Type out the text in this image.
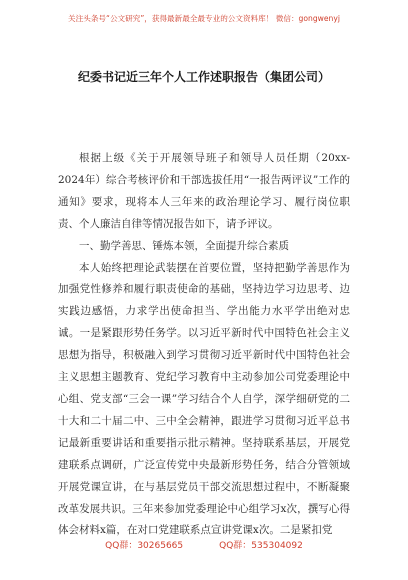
关注头条号“公文研究”，获得最新最全最专业的公文资料库！ 微信：gongwenyj
纪委书记近三年个人工作述职报告（集团公司）

根据上级《关于开展领导班子和领导人员任期（20xx-2024年）综合考核评价和干部选拔任用“一报告两评议”工作的通知》要求，现将本人三年来的政治理论学习、履行岗位职责、个人廉洁自律等情况报告如下，请予评议。

一、勤学善思、锤炼本领，全面提升综合素质

本人始终把理论武装摆在首要位置，坚持把勤学善思作为加强党性修养和履行职责使命的基础，坚持边学习边思考、边实践边感悟，力求学出使命担当、学出能力水平学出绝对忠诚。一是紧跟形势任务学。以习近平新时代中国特色社会主义思想为指导，积极融入到学习贯彻习近平新时代中国特色社会主义思想主题教育、党纪学习教育中主动参加公司党委理论中心组、党支部“三会一课”学习结合个人自学，深学细研党的二十大和二十届二中、三中全会精神，跟进学习贯彻习近平总书记最新重要讲话和重要指示批示精神。坚持联系基层，开展党建联系点调研，广泛宣传党中央最新形势任务，结合分管领域开展党课宣讲，在与基层党员干部交流思想过程中，不断凝聚改革发展共识。三年来参加党委理论中心组学习x次，撰写心得体会材料x篇，在对口党建联系点宣讲党课x次。二是紧扣党

QQ群：30265665	QQ群：535304092
